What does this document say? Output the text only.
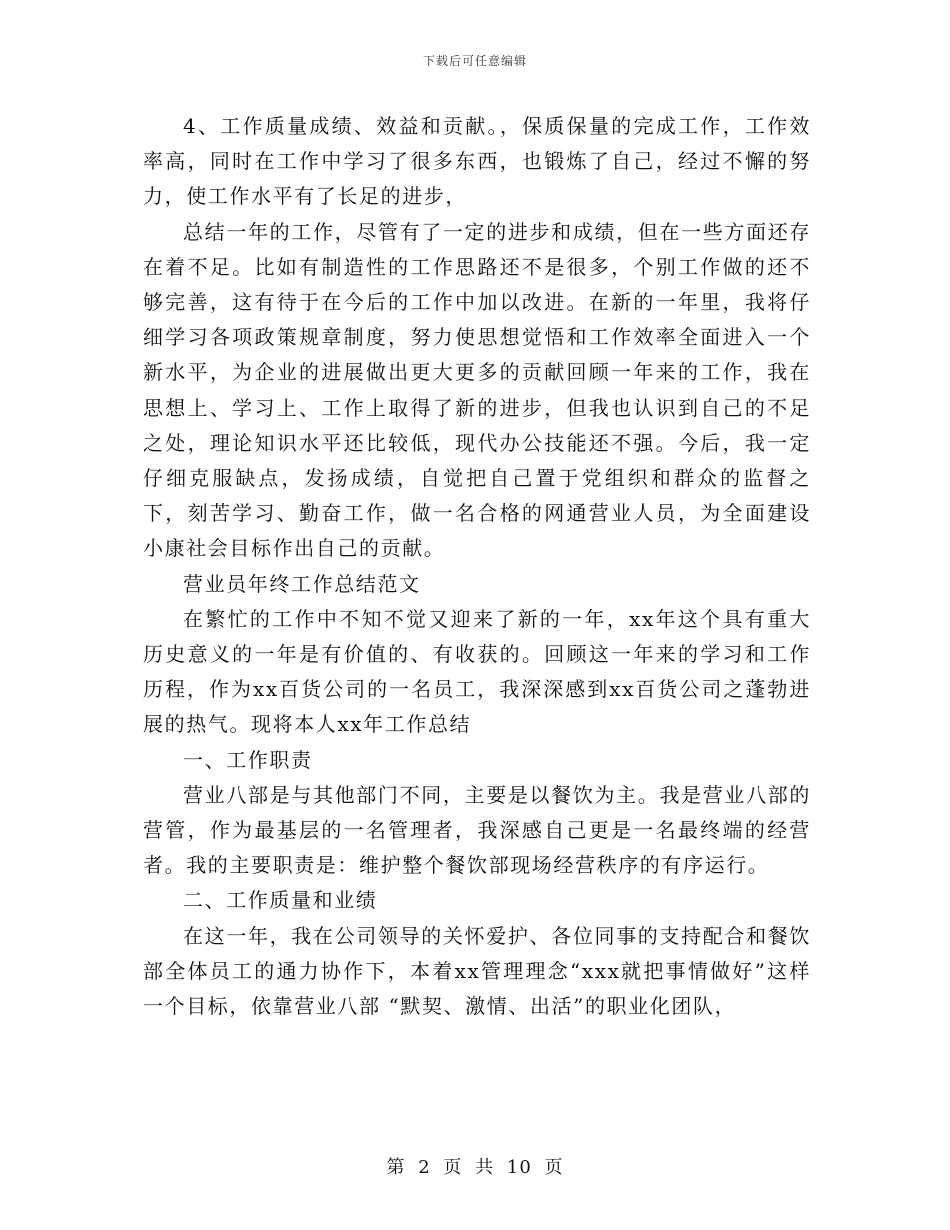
下载后可任意编辑

4、工作质量成绩、效益和贡献。，保质保量的完成工作，工作效率高，同时在工作中学习了很多东西，也锻炼了自己，经过不懈的努力，使工作水平有了长足的进步，

总结一年的工作，尽管有了一定的进步和成绩，但在一些方面还存在着不足。比如有制造性的工作思路还不是很多，个别工作做的还不够完善，这有待于在今后的工作中加以改进。在新的一年里，我将仔细学习各项政策规章制度，努力使思想觉悟和工作效率全面进入一个新水平，为企业的进展做出更大更多的贡献回顾一年来的工作，我在思想上、学习上、工作上取得了新的进步，但我也认识到自己的不足之处，理论知识水平还比较低，现代办公技能还不强。今后，我一定仔细克服缺点，发扬成绩，自觉把自己置于党组织和群众的监督之下，刻苦学习、勤奋工作，做一名合格的网通营业人员，为全面建设小康社会目标作出自己的贡献。

营业员年终工作总结范文

在繁忙的工作中不知不觉又迎来了新的一年，xx年这个具有重大历史意义的一年是有价值的、有收获的。回顾这一年来的学习和工作历程，作为xx百货公司的一名员工，我深深感到xx百货公司之蓬勃进展的热气。现将本人xx年工作总结

一、工作职责

营业八部是与其他部门不同，主要是以餐饮为主。我是营业八部的营管，作为最基层的一名管理者，我深感自己更是一名最终端的经营者。我的主要职责是：维护整个餐饮部现场经营秩序的有序运行。

二、工作质量和业绩

在这一年，我在公司领导的关怀爱护、各位同事的支持配合和餐饮部全体员工的通力协作下，本着xx管理理念“xxx就把事情做好”这样一个目标，依靠营业八部 “默契、激情、出活”的职业化团队，

第 2 页 共 10 页
